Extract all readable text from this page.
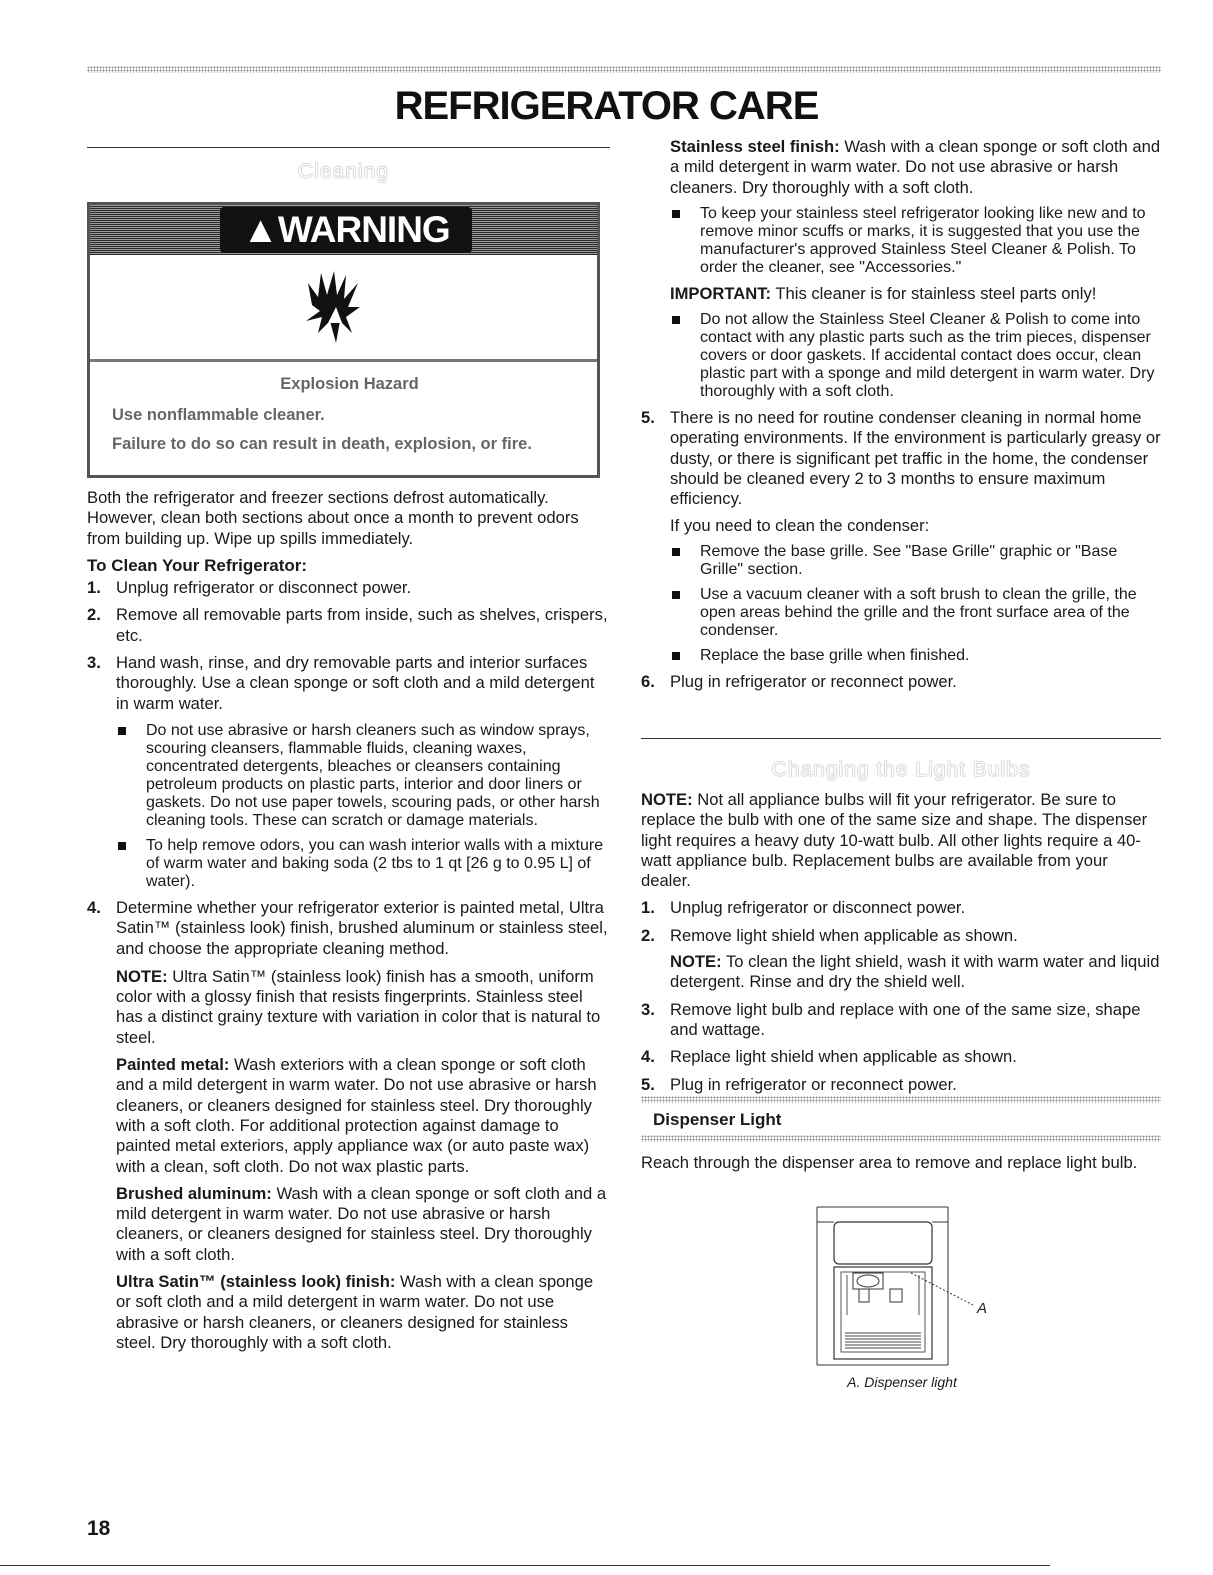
REFRIGERATOR CARE
Cleaning
▲WARNING
Explosion Hazard
Use nonflammable cleaner.
Failure to do so can result in death, explosion, or fire.

Both the refrigerator and freezer sections defrost automatically. However, clean both sections about once a month to prevent odors from building up. Wipe up spills immediately.

To Clean Your Refrigerator:
1. Unplug refrigerator or disconnect power.
2. Remove all removable parts from inside, such as shelves, crispers, etc.
3. Hand wash, rinse, and dry removable parts and interior surfaces thoroughly. Use a clean sponge or soft cloth and a mild detergent in warm water.
Do not use abrasive or harsh cleaners such as window sprays, scouring cleansers, flammable fluids, cleaning waxes, concentrated detergents, bleaches or cleansers containing petroleum products on plastic parts, interior and door liners or gaskets. Do not use paper towels, scouring pads, or other harsh cleaning tools. These can scratch or damage materials.
To help remove odors, you can wash interior walls with a mixture of warm water and baking soda (2 tbs to 1 qt [26 g to 0.95 L] of water).
4. Determine whether your refrigerator exterior is painted metal, Ultra Satin™ (stainless look) finish, brushed aluminum or stainless steel, and choose the appropriate cleaning method.

NOTE: Ultra Satin™ (stainless look) finish has a smooth, uniform color with a glossy finish that resists fingerprints. Stainless steel has a distinct grainy texture with variation in color that is natural to steel.

Painted metal: Wash exteriors with a clean sponge or soft cloth and a mild detergent in warm water. Do not use abrasive or harsh cleaners, or cleaners designed for stainless steel. Dry thoroughly with a soft cloth. For additional protection against damage to painted metal exteriors, apply appliance wax (or auto paste wax) with a clean, soft cloth. Do not wax plastic parts.

Brushed aluminum: Wash with a clean sponge or soft cloth and a mild detergent in warm water. Do not use abrasive or harsh cleaners, or cleaners designed for stainless steel. Dry thoroughly with a soft cloth.

Ultra Satin™ (stainless look) finish: Wash with a clean sponge or soft cloth and a mild detergent in warm water. Do not use abrasive or harsh cleaners, or cleaners designed for stainless steel. Dry thoroughly with a soft cloth.

Stainless steel finish: Wash with a clean sponge or soft cloth and a mild detergent in warm water. Do not use abrasive or harsh cleaners. Dry thoroughly with a soft cloth.

To keep your stainless steel refrigerator looking like new and to remove minor scuffs or marks, it is suggested that you use the manufacturer's approved Stainless Steel Cleaner & Polish. To order the cleaner, see "Accessories."

IMPORTANT: This cleaner is for stainless steel parts only!

Do not allow the Stainless Steel Cleaner & Polish to come into contact with any plastic parts such as the trim pieces, dispenser covers or door gaskets. If accidental contact does occur, clean plastic part with a sponge and mild detergent in warm water. Dry thoroughly with a soft cloth.
5. There is no need for routine condenser cleaning in normal home operating environments. If the environment is particularly greasy or dusty, or there is significant pet traffic in the home, the condenser should be cleaned every 2 to 3 months to ensure maximum efficiency.

If you need to clean the condenser:

Remove the base grille. See "Base Grille" graphic or "Base Grille" section.
Use a vacuum cleaner with a soft brush to clean the grille, the open areas behind the grille and the front surface area of the condenser.
Replace the base grille when finished.
6. Plug in refrigerator or reconnect power.
Changing the Light Bulbs

NOTE: Not all appliance bulbs will fit your refrigerator. Be sure to replace the bulb with one of the same size and shape. The dispenser light requires a heavy duty 10-watt bulb. All other lights require a 40-watt appliance bulb. Replacement bulbs are available from your dealer.

1. Unplug refrigerator or disconnect power.
2. Remove light shield when applicable as shown.

NOTE: To clean the light shield, wash it with warm water and liquid detergent. Rinse and dry the shield well.

3. Remove light bulb and replace with one of the same size, shape and wattage.
4. Replace light shield when applicable as shown.
5. Plug in refrigerator or reconnect power.
Dispenser Light
Reach through the dispenser area to remove and replace light bulb.
A
A. Dispenser light
18
